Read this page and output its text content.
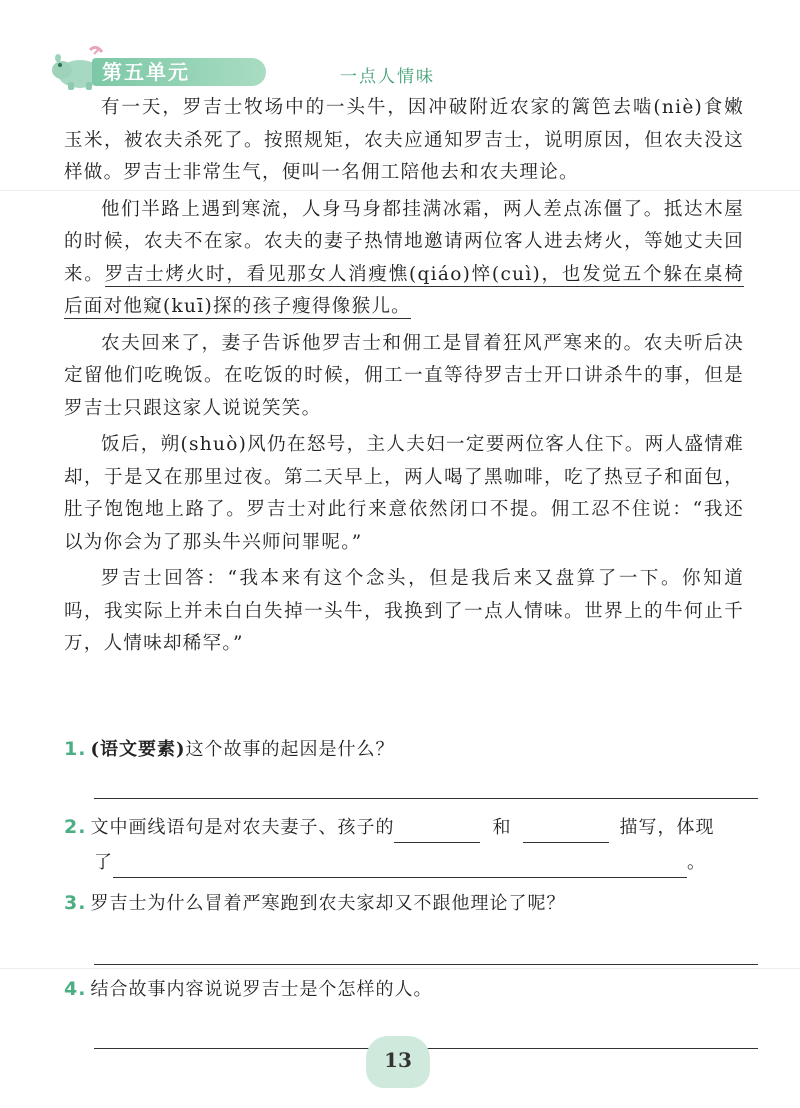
第五单元	一点人情味

有一天，罗吉士牧场中的一头牛，因冲破附近农家的篱笆去啮(niè)食嫩玉米，被农夫杀死了。按照规矩，农夫应通知罗吉士，说明原因，但农夫没这样做。罗吉士非常生气，便叫一名佣工陪他去和农夫理论。

他们半路上遇到寒流，人身马身都挂满冰霜，两人差点冻僵了。抵达木屋的时候，农夫不在家。农夫的妻子热情地邀请两位客人进去烤火，等她丈夫回来。罗吉士烤火时，看见那女人消瘦憔(qiáo)悴(cuì)，也发觉五个躲在桌椅后面对他窥(kuī)探的孩子瘦得像猴儿。

农夫回来了，妻子告诉他罗吉士和佣工是冒着狂风严寒来的。农夫听后决定留他们吃晚饭。在吃饭的时候，佣工一直等待罗吉士开口讲杀牛的事，但是罗吉士只跟这家人说说笑笑。

饭后，朔(shuò)风仍在怒号，主人夫妇一定要两位客人住下。两人盛情难却，于是又在那里过夜。第二天早上，两人喝了黑咖啡，吃了热豆子和面包，肚子饱饱地上路了。罗吉士对此行来意依然闭口不提。佣工忍不住说：“我还以为你会为了那头牛兴师问罪呢。”

罗吉士回答：“我本来有这个念头，但是我后来又盘算了一下。你知道吗，我实际上并未白白失掉一头牛，我换到了一点人情味。世界上的牛何止千万，人情味却稀罕。”

1. (语文要素)这个故事的起因是什么？
2. 文中画线语句是对农夫妻子、孩子的	和	描写，体现
了	。
3. 罗吉士为什么冒着严寒跑到农夫家却又不跟他理论了呢？
4. 结合故事内容说说罗吉士是个怎样的人。
13
